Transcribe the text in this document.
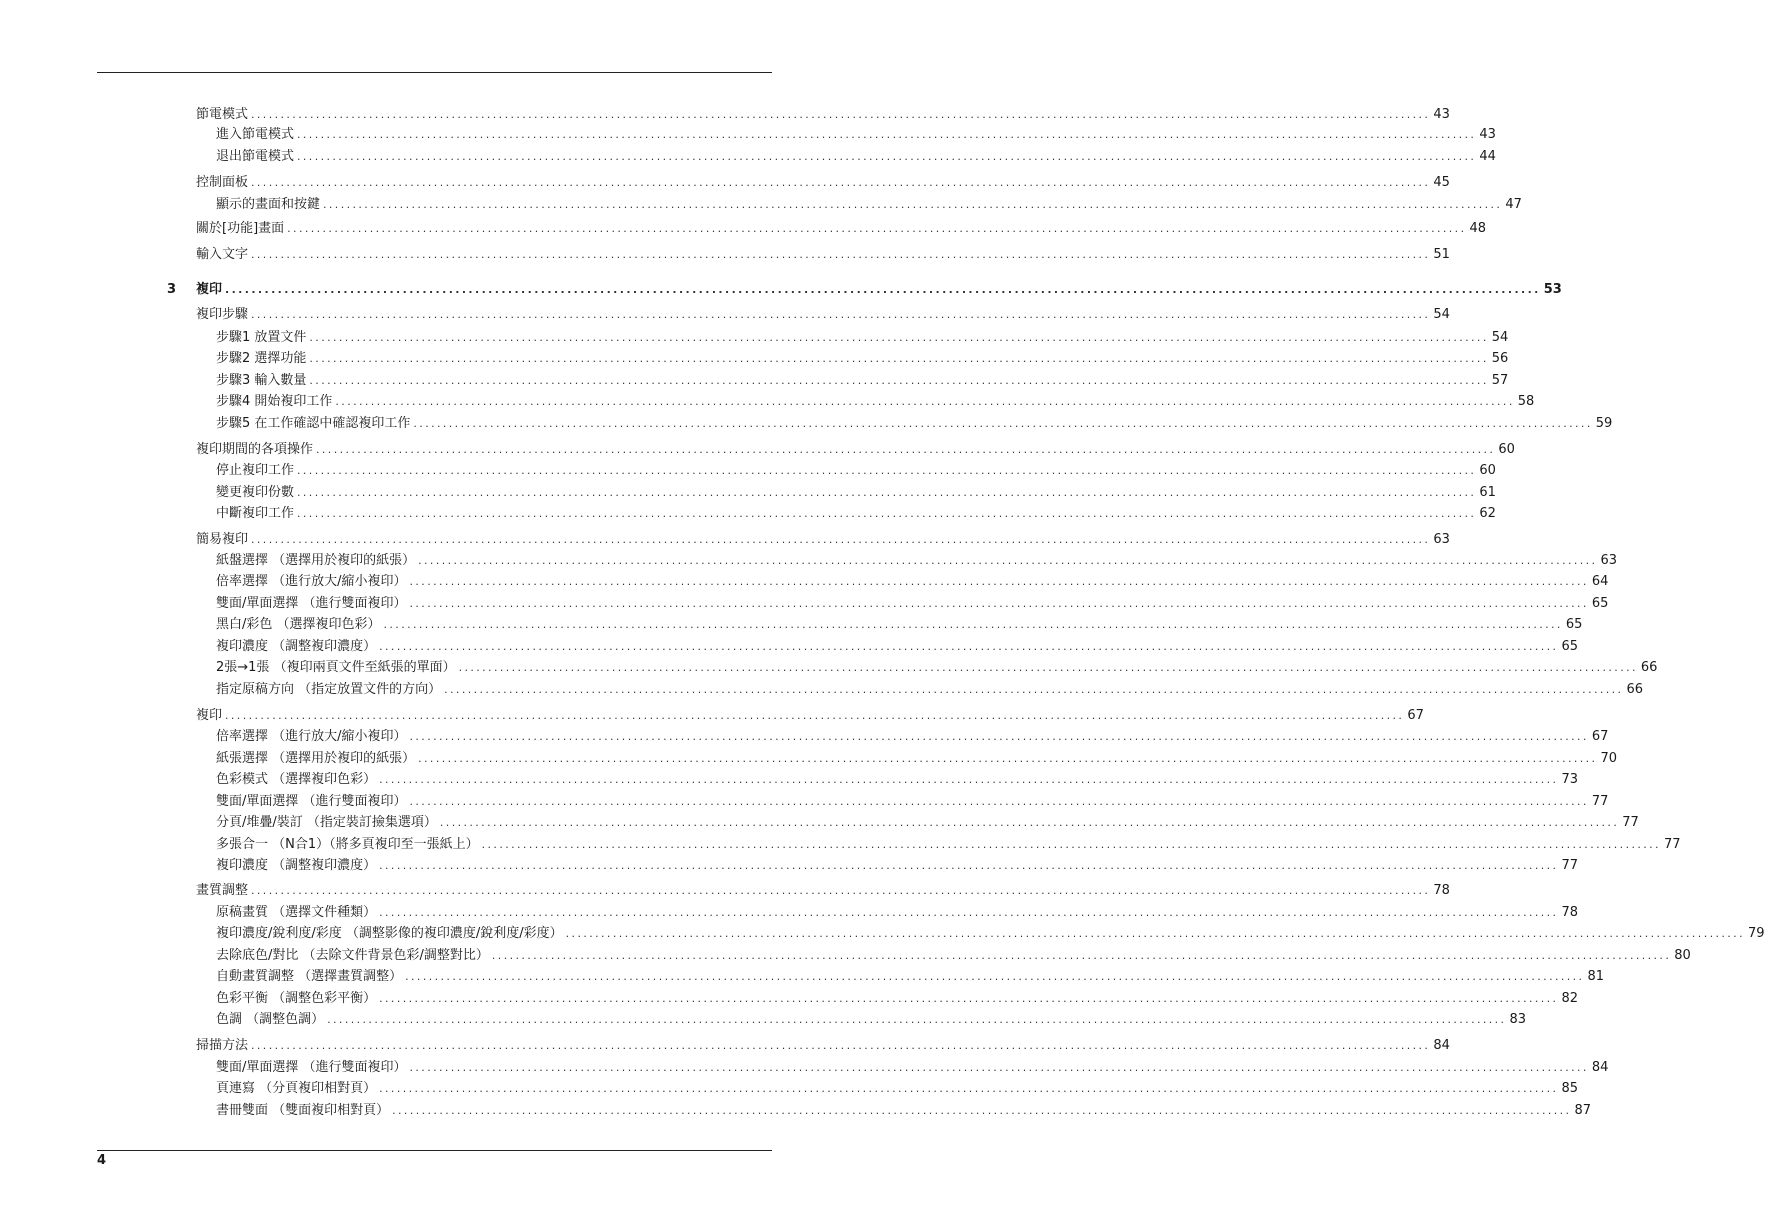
節電模式 ........................................................................................................................................................................................................ 43
進入節電模式 ........................................................................................................................................................................................................ 43
退出節電模式 ........................................................................................................................................................................................................ 44
控制面板 ........................................................................................................................................................................................................ 45
顯示的畫面和按鍵 ........................................................................................................................................................................................................ 47
關於[功能]畫面 ........................................................................................................................................................................................................ 48
輸入文字 ........................................................................................................................................................................................................ 51
3 複印 ........................................................................................................................................................................................................ 53
複印步驟 ........................................................................................................................................................................................................ 54
步驟1 放置文件 ........................................................................................................................................................................................................ 54
步驟2 選擇功能 ........................................................................................................................................................................................................ 56
步驟3 輸入數量 ........................................................................................................................................................................................................ 57
步驟4 開始複印工作 ........................................................................................................................................................................................................ 58
步驟5 在工作確認中確認複印工作 ........................................................................................................................................................................................................ 59
複印期間的各項操作 ........................................................................................................................................................................................................ 60
停止複印工作 ........................................................................................................................................................................................................ 60
變更複印份數 ........................................................................................................................................................................................................ 61
中斷複印工作 ........................................................................................................................................................................................................ 62
簡易複印 ........................................................................................................................................................................................................ 63
紙盤選擇 （選擇用於複印的紙張） ........................................................................................................................................................................................................ 63
倍率選擇 （進行放大/縮小複印） ........................................................................................................................................................................................................ 64
雙面/單面選擇 （進行雙面複印） ........................................................................................................................................................................................................ 65
黑白/彩色 （選擇複印色彩） ........................................................................................................................................................................................................ 65
複印濃度 （調整複印濃度） ........................................................................................................................................................................................................ 65
2張→1張 （複印兩頁文件至紙張的單面） ........................................................................................................................................................................................................ 66
指定原稿方向 （指定放置文件的方向） ........................................................................................................................................................................................................ 66
複印 ........................................................................................................................................................................................................ 67
倍率選擇 （進行放大/縮小複印） ........................................................................................................................................................................................................ 67
紙張選擇 （選擇用於複印的紙張） ........................................................................................................................................................................................................ 70
色彩模式 （選擇複印色彩） ........................................................................................................................................................................................................ 73
雙面/單面選擇 （進行雙面複印） ........................................................................................................................................................................................................ 77
分頁/堆疊/裝訂 （指定裝訂撿集選項） ........................................................................................................................................................................................................ 77
多張合一 （N合1）（將多頁複印至一張紙上） ........................................................................................................................................................................................................ 77
複印濃度 （調整複印濃度） ........................................................................................................................................................................................................ 77
畫質調整 ........................................................................................................................................................................................................ 78
原稿畫質 （選擇文件種類） ........................................................................................................................................................................................................ 78
複印濃度/銳利度/彩度 （調整影像的複印濃度/銳利度/彩度） ........................................................................................................................................................................................................ 79
去除底色/對比 （去除文件背景色彩/調整對比） ........................................................................................................................................................................................................ 80
自動畫質調整 （選擇畫質調整） ........................................................................................................................................................................................................ 81
色彩平衡 （調整色彩平衡） ........................................................................................................................................................................................................ 82
色調 （調整色調） ........................................................................................................................................................................................................ 83
掃描方法 ........................................................................................................................................................................................................ 84
雙面/單面選擇 （進行雙面複印） ........................................................................................................................................................................................................ 84
頁連寫 （分頁複印相對頁） ........................................................................................................................................................................................................ 85
書冊雙面 （雙面複印相對頁） ........................................................................................................................................................................................................ 87
4
